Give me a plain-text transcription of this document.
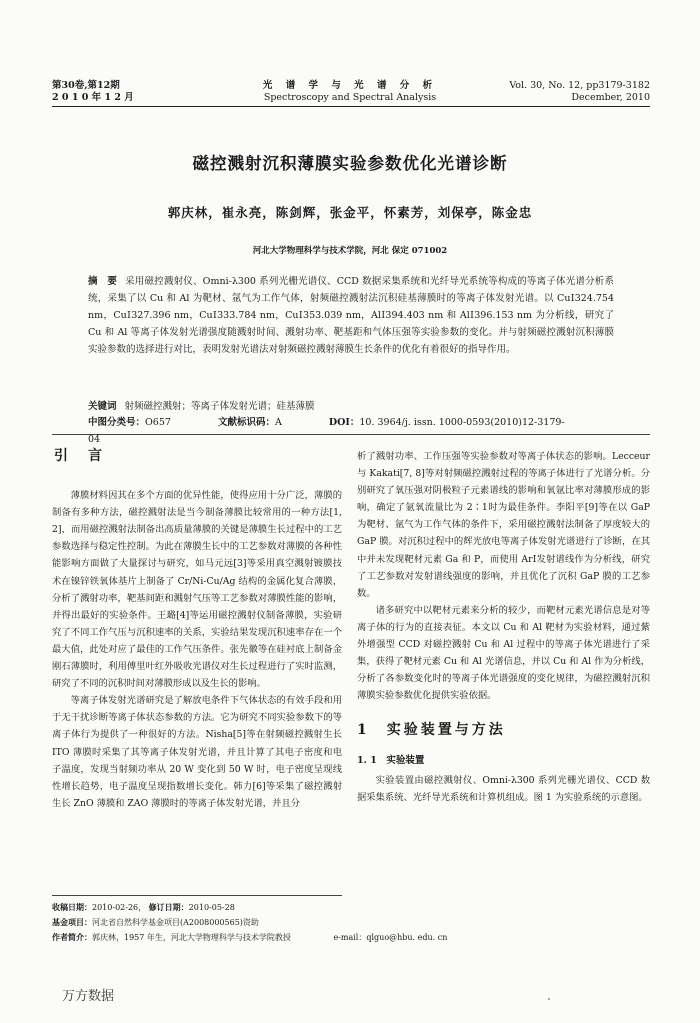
第30卷,第12期
2 0 1 0 年 1 2 月
光 谱 学 与 光 谱 分 析
Spectroscopy and Spectral Analysis
Vol. 30, No. 12, pp3179-3182
December, 2010
磁控溅射沉积薄膜实验参数优化光谱诊断
郭庆林，崔永亮，陈剑辉，张金平，怀素芳，刘保亭，陈金忠
河北大学物理科学与技术学院，河北 保定 071002
摘　要 采用磁控溅射仪、Omni-λ300 系列光栅光谱仪、CCD 数据采集系统和光纤导光系统等构成的等离子体光谱分析系统，采集了以 Cu 和 Al 为靶材、氩气为工作气体，射频磁控溅射法沉积硅基薄膜时的等离子体发射光谱。以 CuⅠ324.754 nm，CuⅠ327.396 nm，CuⅠ333.784 nm，CuⅠ353.039 nm，AlⅠ394.403 nm 和 AlⅠ396.153 nm 为分析线，研究了 Cu 和 Al 等离子体发射光谱强度随溅射时间、溅射功率、靶基距和气体压强等实验参数的变化。并与射频磁控溅射沉积薄膜实验参数的选择进行对比，表明发射光谱法对射频磁控溅射薄膜生长条件的优化有着很好的指导作用。
关键词 射频磁控溅射；等离子体发射光谱；硅基薄膜
中图分类号：O657	文献标识码：A	DOI：10. 3964/j. issn. 1000-0593(2010)12-3179-04
引　言

薄膜材料因其在多个方面的优异性能，使得应用十分广泛，薄膜的制备有多种方法，磁控溅射法是当今制备薄膜比较常用的一种方法[1, 2]，而用磁控溅射法制备出高质量薄膜的关键是薄膜生长过程中的工艺参数选择与稳定性控制。为此在薄膜生长中的工艺参数对薄膜的各种性能影响方面做了大量探讨与研究，如马元远[3]等采用真空溅射镀膜技术在镍锌铁氧体基片上制备了 Cr/Ni-Cu/Ag 结构的金属化复合薄膜，分析了溅射功率，靶基间距和溅射气压等工艺参数对薄膜性能的影响，并得出最好的实验条件。王璐[4]等运用磁控溅射仪制备薄膜，实验研究了不同工作气压与沉积速率的关系，实验结果发现沉积速率存在一个最大值，此处对应了最佳的工作气压条件。张先徽等在硅衬底上制备金刚石薄膜时，利用傅里叶红外吸收光谱仪对生长过程进行了实时监测，研究了不同的沉积时间对薄膜形成以及生长的影响。

等离子体发射光谱研究是了解放电条件下气体状态的有效手段和用于无干扰诊断等离子体状态参数的方法。它为研究不同实验参数下的等离子体行为提供了一种很好的方法。Nisha[5]等在射频磁控溅射生长 ITO 薄膜时采集了其等离子体发射光谱，并且计算了其电子密度和电子温度，发现当射频功率从 20 W 变化到 50 W 时，电子密度呈现线性增长趋势，电子温度呈现指数增长变化。韩力[6]等采集了磁控溅射生长 ZnO 薄膜和 ZAO 薄膜时的等离子体发射光谱，并且分

析了溅射功率、工作压强等实验参数对等离子体状态的影响。Lecceur 与 Kakati[7, 8]等对射频磁控溅射过程的等离子体进行了光谱分析。分别研究了氧压强对阴极粒子元素谱线的影响和氧氩比率对薄膜形成的影响，确定了氩氧流量比为 2∶1时为最佳条件。李阳平[9]等在以 GaP 为靶材、氩气为工作气体的条件下，采用磁控溅射法制备了厚度较大的 GaP 膜。对沉积过程中的辉光放电等离子体发射光谱进行了诊断，在其中并未发现靶材元素 Ga 和 P，而使用 ArⅠ发射谱线作为分析线，研究了工艺参数对发射谱线强度的影响，并且优化了沉积 GaP 膜的工艺参数。

诸多研究中以靶材元素来分析的较少，而靶材元素光谱信息是对等离子体的行为的直接表征。本文以 Cu 和 Al 靶材为实验材料，通过紫外增强型 CCD 对磁控溅射 Cu 和 Al 过程中的等离子体光谱进行了采集，获得了靶材元素 Cu 和 Al 光谱信息，并以 Cu 和 Al 作为分析线，分析了各参数变化时的等离子体光谱强度的变化规律，为磁控溅射沉积薄膜实验参数优化提供实验依据。

1　实验装置与方法
1. 1　实验装置

实验装置由磁控溅射仪、Omni-λ300 系列光栅光谱仪、CCD 数据采集系统、光纤导光系统和计算机组成。图 1 为实验系统的示意图。

收稿日期：2010-02-26， 修订日期：2010-05-28
基金项目：河北省自然科学基金项目(A2008000565)资助
作者简介：郭庆林，1957 年生，河北大学物理科学与技术学院教授	e-mail：qlguo@hbu. edu. cn
万方数据
